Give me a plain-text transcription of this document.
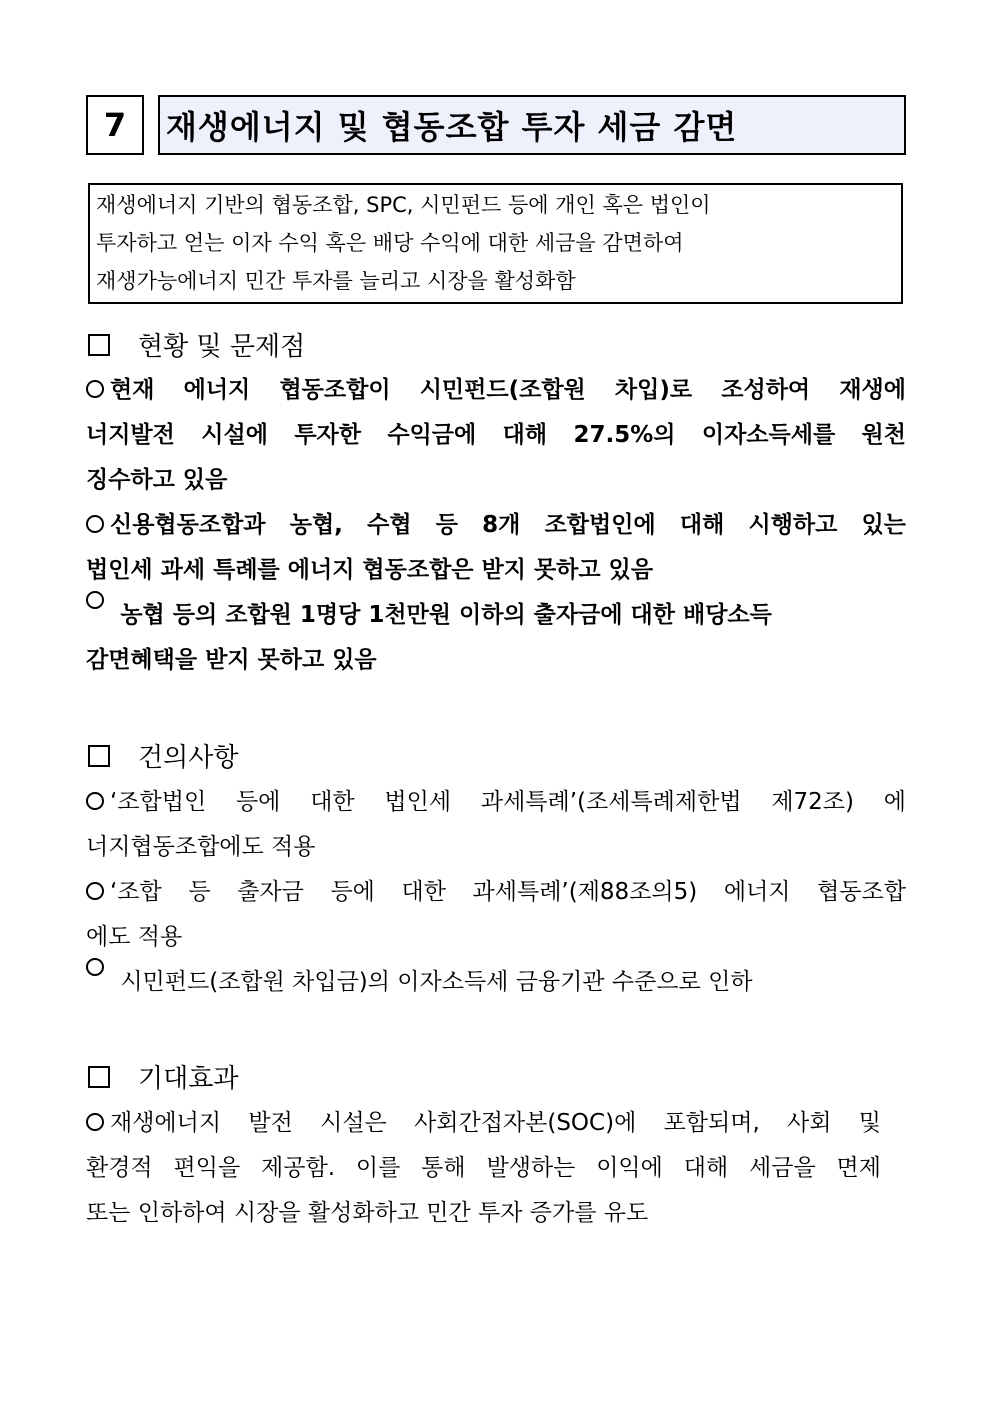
7	재생에너지 및 협동조합 투자 세금 감면
재생에너지 기반의 협동조합, SPC, 시민펀드 등에 개인 혹은 법인이
투자하고 얻는 이자 수익 혹은 배당 수익에 대한 세금을 감면하여
재생가능에너지 민간 투자를 늘리고 시장을 활성화함
현황 및 문제점
현재 에너지 협동조합이 시민펀드(조합원 차입)로 조성하여 재생에
너지발전 시설에 투자한 수익금에 대해 27.5%의 이자소득세를 원천
징수하고 있음
신용협동조합과 농협, 수협 등 8개 조합법인에 대해 시행하고 있는
법인세 과세 특례를 에너지 협동조합은 받지 못하고 있음
농협 등의 조합원 1명당 1천만원 이하의 출자금에 대한 배당소득
감면혜택을 받지 못하고 있음
건의사항
‘조합법인 등에 대한 법인세 과세특례’(조세특례제한법 제72조) 에
너지협동조합에도 적용
‘조합 등 출자금 등에 대한 과세특례’(제88조의5) 에너지 협동조합
에도 적용
시민펀드(조합원 차입금)의 이자소득세 금융기관 수준으로 인하
기대효과
재생에너지 발전 시설은 사회간접자본(SOC)에 포함되며, 사회 및
환경적 편익을 제공함. 이를 통해 발생하는 이익에 대해 세금을 면제
또는 인하하여 시장을 활성화하고 민간 투자 증가를 유도
